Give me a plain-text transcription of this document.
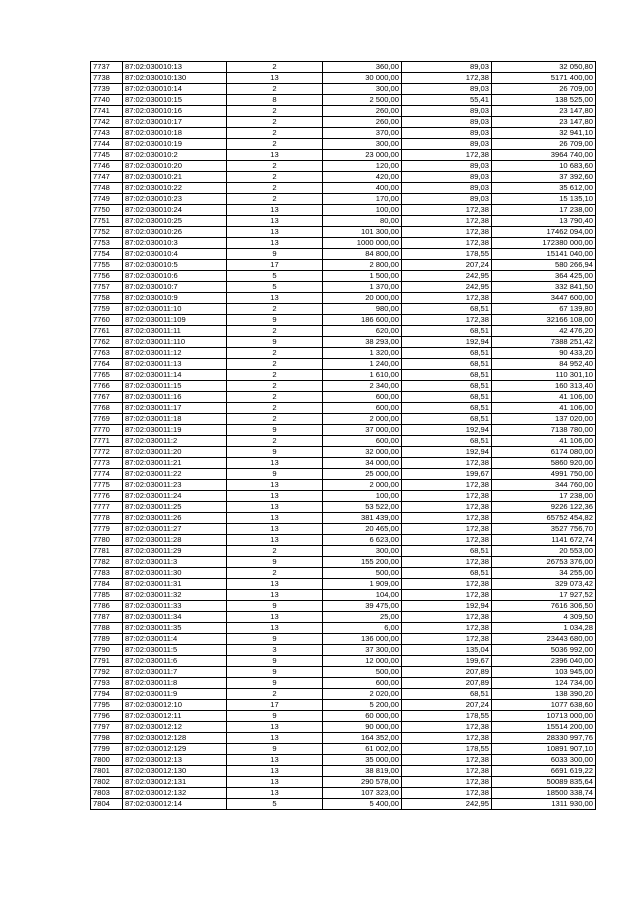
7737	87:02:030010:13	2	360,00	89,03	32 050,80
7738	87:02:030010:130	13	30 000,00	172,38	5171 400,00
7739	87:02:030010:14	2	300,00	89,03	26 709,00
7740	87:02:030010:15	8	2 500,00	55,41	138 525,00
7741	87:02:030010:16	2	260,00	89,03	23 147,80
7742	87:02:030010:17	2	260,00	89,03	23 147,80
7743	87:02:030010:18	2	370,00	89,03	32 941,10
7744	87:02:030010:19	2	300,00	89,03	26 709,00
7745	87:02:030010:2	13	23 000,00	172,38	3964 740,00
7746	87:02:030010:20	2	120,00	89,03	10 683,60
7747	87:02:030010:21	2	420,00	89,03	37 392,60
7748	87:02:030010:22	2	400,00	89,03	35 612,00
7749	87:02:030010:23	2	170,00	89,03	15 135,10
7750	87:02:030010:24	13	100,00	172,38	17 238,00
7751	87:02:030010:25	13	80,00	172,38	13 790,40
7752	87:02:030010:26	13	101 300,00	172,38	17462 094,00
7753	87:02:030010:3	13	1000 000,00	172,38	172380 000,00
7754	87:02:030010:4	9	84 800,00	178,55	15141 040,00
7755	87:02:030010:5	17	2 800,00	207,24	580 266,94
7756	87:02:030010:6	5	1 500,00	242,95	364 425,00
7757	87:02:030010:7	5	1 370,00	242,95	332 841,50
7758	87:02:030010:9	13	20 000,00	172,38	3447 600,00
7759	87:02:030011:10	2	980,00	68,51	67 139,80
7760	87:02:030011:109	9	186 600,00	172,38	32166 108,00
7761	87:02:030011:11	2	620,00	68,51	42 476,20
7762	87:02:030011:110	9	38 293,00	192,94	7388 251,42
7763	87:02:030011:12	2	1 320,00	68,51	90 433,20
7764	87:02:030011:13	2	1 240,00	68,51	84 952,40
7765	87:02:030011:14	2	1 610,00	68,51	110 301,10
7766	87:02:030011:15	2	2 340,00	68,51	160 313,40
7767	87:02:030011:16	2	600,00	68,51	41 106,00
7768	87:02:030011:17	2	600,00	68,51	41 106,00
7769	87:02:030011:18	2	2 000,00	68,51	137 020,00
7770	87:02:030011:19	9	37 000,00	192,94	7138 780,00
7771	87:02:030011:2	2	600,00	68,51	41 106,00
7772	87:02:030011:20	9	32 000,00	192,94	6174 080,00
7773	87:02:030011:21	13	34 000,00	172,38	5860 920,00
7774	87:02:030011:22	9	25 000,00	199,67	4991 750,00
7775	87:02:030011:23	13	2 000,00	172,38	344 760,00
7776	87:02:030011:24	13	100,00	172,38	17 238,00
7777	87:02:030011:25	13	53 522,00	172,38	9226 122,36
7778	87:02:030011:26	13	381 439,00	172,38	65752 454,82
7779	87:02:030011:27	13	20 465,00	172,38	3527 756,70
7780	87:02:030011:28	13	6 623,00	172,38	1141 672,74
7781	87:02:030011:29	2	300,00	68,51	20 553,00
7782	87:02:030011:3	9	155 200,00	172,38	26753 376,00
7783	87:02:030011:30	2	500,00	68,51	34 255,00
7784	87:02:030011:31	13	1 909,00	172,38	329 073,42
7785	87:02:030011:32	13	104,00	172,38	17 927,52
7786	87:02:030011:33	9	39 475,00	192,94	7616 306,50
7787	87:02:030011:34	13	25,00	172,38	4 309,50
7788	87:02:030011:35	13	6,00	172,38	1 034,28
7789	87:02:030011:4	9	136 000,00	172,38	23443 680,00
7790	87:02:030011:5	3	37 300,00	135,04	5036 992,00
7791	87:02:030011:6	9	12 000,00	199,67	2396 040,00
7792	87:02:030011:7	9	500,00	207,89	103 945,00
7793	87:02:030011:8	9	600,00	207,89	124 734,00
7794	87:02:030011:9	2	2 020,00	68,51	138 390,20
7795	87:02:030012:10	17	5 200,00	207,24	1077 638,60
7796	87:02:030012:11	9	60 000,00	178,55	10713 000,00
7797	87:02:030012:12	13	90 000,00	172,38	15514 200,00
7798	87:02:030012:128	13	164 352,00	172,38	28330 997,76
7799	87:02:030012:129	9	61 002,00	178,55	10891 907,10
7800	87:02:030012:13	13	35 000,00	172,38	6033 300,00
7801	87:02:030012:130	13	38 819,00	172,38	6691 619,22
7802	87:02:030012:131	13	290 578,00	172,38	50089 835,64
7803	87:02:030012:132	13	107 323,00	172,38	18500 338,74
7804	87:02:030012:14	5	5 400,00	242,95	1311 930,00
